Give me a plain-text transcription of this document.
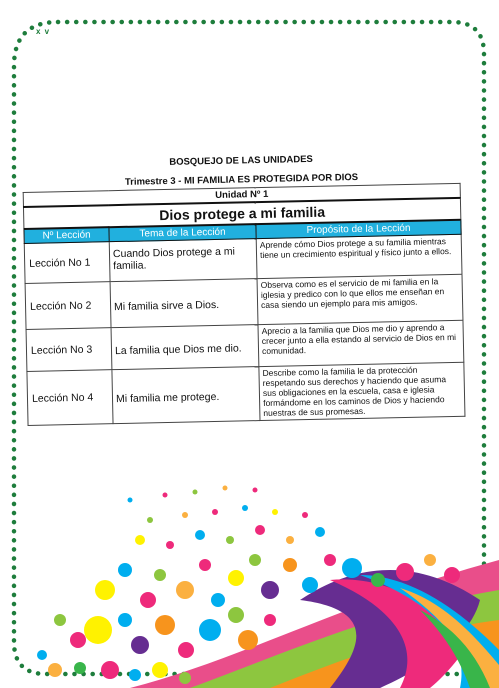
x v
BOSQUEJO DE LAS UNIDADES
Trimestre 3 - MI FAMILIA ES PROTEGIDA POR DIOS
Unidad Nº 1		
Dios protege a mi familia		
Nº Lección	Tema de la Lección	Propósito de la Lección
Lección No 1	Cuando Dios protege a mi familia.	Aprende cómo Dios protege a su familia mientras tiene un crecimiento espiritual y físico junto a ellos.
Lección No 2	Mi familia sirve a Dios.	Observa como es el servicio de mi familia en la iglesia y predico con lo que ellos me enseñan en casa siendo un ejemplo para mis amigos.
Lección No 3	La familia que Dios me dio.	Aprecio a la familia que Dios me dio y aprendo a crecer junto a ella estando al servicio de Dios en mi comunidad.
Lección No 4	Mi familia me protege.	Describe como la familia le da protección respetando sus derechos y haciendo que asuma sus obligaciones en la escuela, casa e iglesia formándome en los caminos de Dios y haciendo nuestras de sus promesas.
